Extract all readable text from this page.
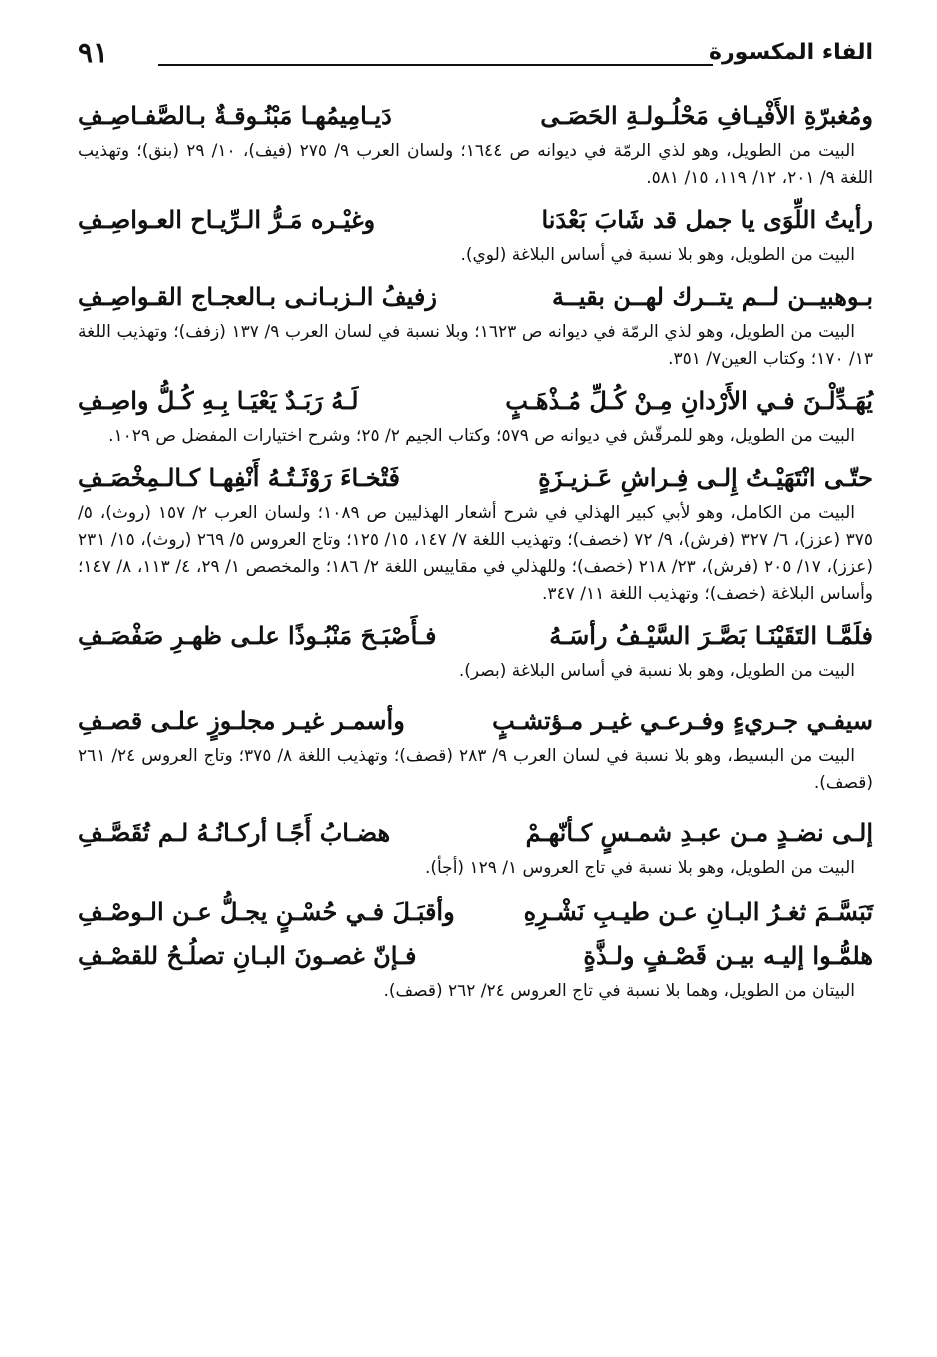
الفاء المكسورة
٩١
ومُغبرّةِ الأَفْيـافِ مَحْلُـولـةِ الحَصَـى
دَيـامِيمُهـا مَبْنُـوقـةٌ بـالصَّفـاصِـفِ

البيت من الطويل، وهو لذي الرمّة في ديوانه ص ١٦٤٤؛ ولسان العرب ٩/ ٢٧٥ (فيف)، ١٠/ ٢٩ (بنق)؛ وتهذيب اللغة ٩/ ٢٠١، ١٢/ ١١٩، ١٥/ ٥٨١.

رأيتُ اللِّوَى يا جمل قد شَابَ بَعْدَنا
وغيْـره مَـرُّ الـرِّيـاح العـواصِـفِ

البيت من الطويل، وهو بلا نسبة في أساس البلاغة (لوي).

بـوهبيــن لــم يتــرك لهــن بقيــة
زفيفُ الـزبـانـى بـالعجـاج القـواصِـفِ

البيت من الطويل، وهو لذي الرمّة في ديوانه ص ١٦٢٣؛ وبلا نسبة في لسان العرب ٩/ ١٣٧ (زفف)؛ وتهذيب اللغة ١٣/ ١٧٠؛ وكتاب العين٧/ ٣٥١.

يُهَـدِّلْـنَ فـي الأَرْدانِ مِـنْ كُـلِّ مُـذْهَـبٍ
لَـهُ رَبَـدٌ يَعْيَـا بِـهِ كُـلُّ واصِـفِ

البيت من الطويل، وهو للمرقّش في ديوانه ص ٥٧٩؛ وكتاب الجيم ٢/ ٢٥؛ وشرح اختيارات المفضل ص ١٠٢٩.

حتّـى انْتَهَيْـتُ إِلـى فِـراشِ عَـزيـزَةٍ
فَتْخـاءَ رَوْثَـتُـهُ أَنْفِهـا كـالـمِخْصَـفِ

البيت من الكامل، وهو لأبي كبير الهذلي في شرح أشعار الهذليين ص ١٠٨٩؛ ولسان العرب ٢/ ١٥٧ (روث)، ٥/ ٣٧٥ (عزز)، ٦/ ٣٢٧ (فرش)، ٩/ ٧٢ (خصف)؛ وتهذيب اللغة ٧/ ١٤٧، ١٥/ ١٢٥؛ وتاج العروس ٥/ ٢٦٩ (روث)، ١٥/ ٢٣١ (عزز)، ١٧/ ٢٠٥ (فرش)، ٢٣/ ٢١٨ (خصف)؛ وللهذلي في مقاييس اللغة ٢/ ١٨٦؛ والمخصص ١/ ٢٩، ٤/ ١١٣، ٨/ ١٤٧؛ وأساس البلاغة (خصف)؛ وتهذيب اللغة ١١/ ٣٤٧.

فلَمَّـا التَقَيْنَـا بَصَّـرَ السَّيْـفُ رأسَـهُ
فـأَصْبَـحَ مَنْبُـوذًا علـى ظهـرِ صَفْصَـفِ

البيت من الطويل، وهو بلا نسبة في أساس البلاغة (بصر).

سيفـي جـريءٍ وفـرعـي غيـر مـؤتشـبٍ
وأسمـر غيـر مجلـوزٍ علـى قصـفِ

البيت من البسيط، وهو بلا نسبة في لسان العرب ٩/ ٢٨٣ (قصف)؛ وتهذيب اللغة ٨/ ٣٧٥؛ وتاج العروس ٢٤/ ٢٦١ (قصف).

إلـى نضـدٍ مـن عبـدِ شمـسٍ كـأنّهـمْ
هضـابُ أَجًـا أركـانُـهُ لـم تُقَصَّـفِ

البيت من الطويل، وهو بلا نسبة في تاج العروس ١/ ١٢٩ (أجأ).

تَبَسَّـمَ ثغـرُ البـانِ عـن طيـبِ نَشْـرِهِ
وأقبَـلَ فـي حُسْـنٍ يجـلُّ عـن الـوصْـفِ
هلمُّـوا إليـه بيـن قَصْـفٍ ولـذَّةٍ
فـإنّ غصـونَ البـانِ تصلُـحُ للقصْـفِ

البيتان من الطويل، وهما بلا نسبة في تاج العروس ٢٤/ ٢٦٢ (قصف).
